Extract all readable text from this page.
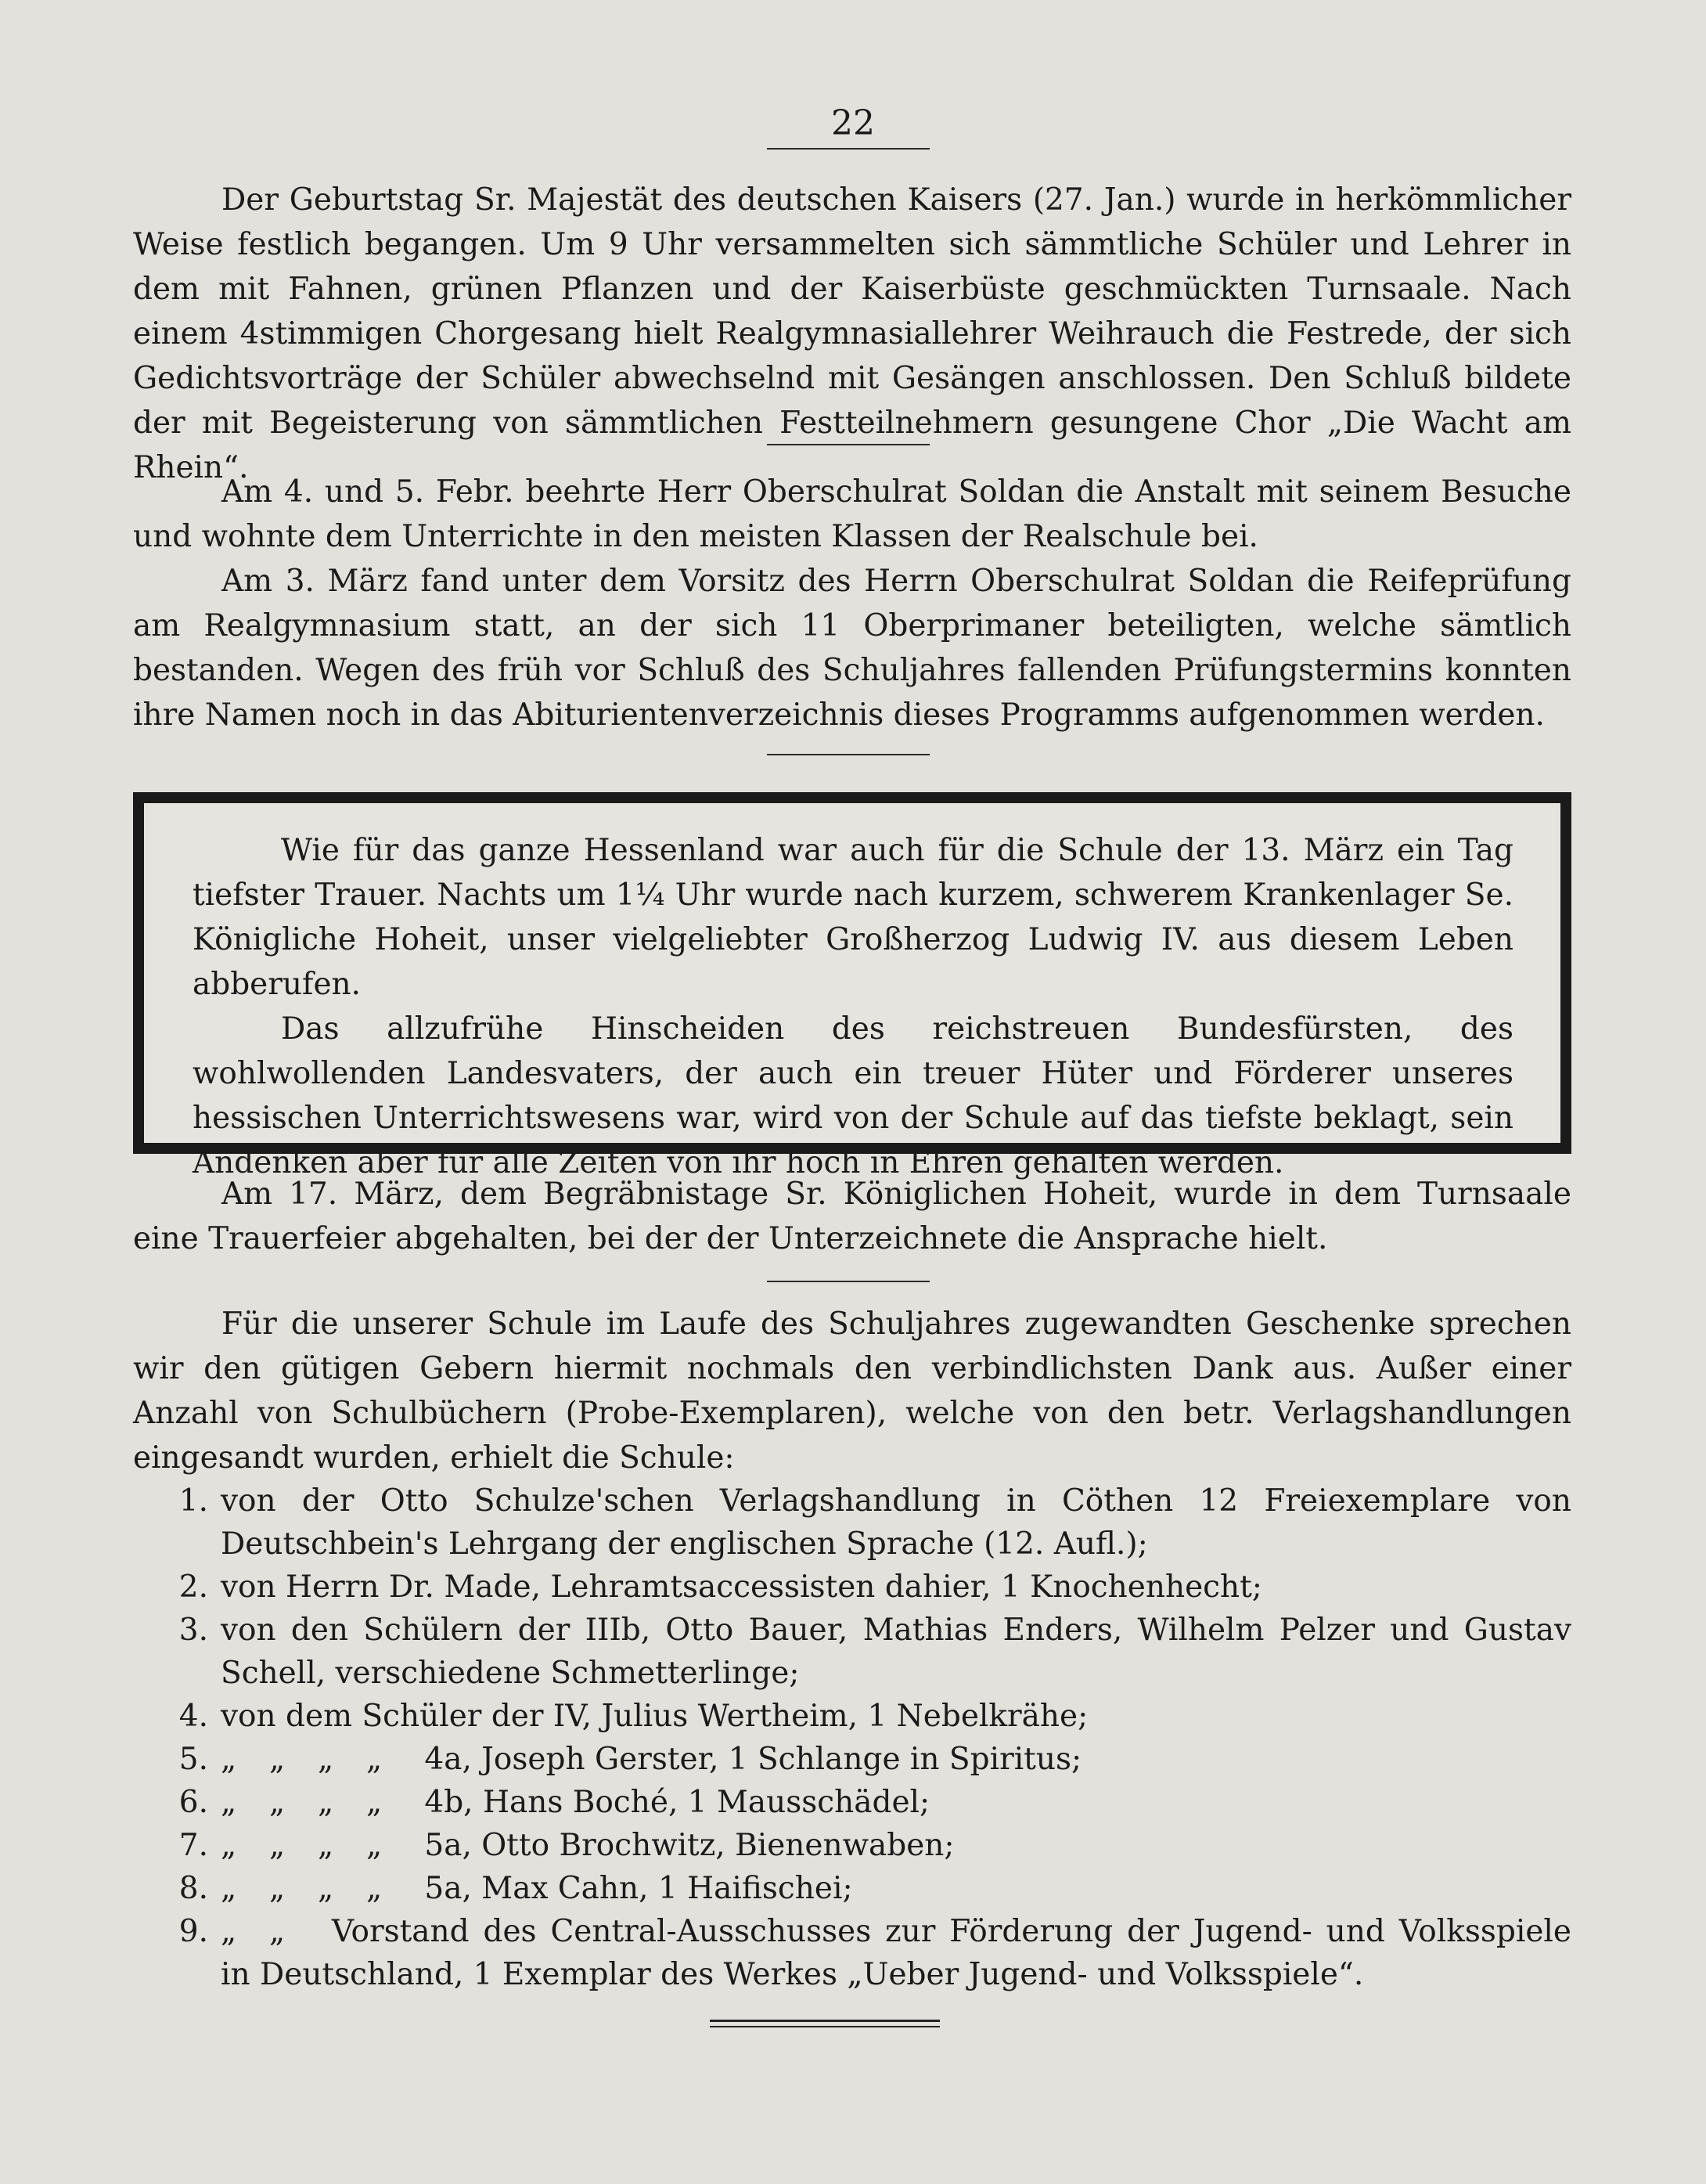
22

Der Geburtstag Sr. Majestät des deutschen Kaisers (27. Jan.) wurde in herkömmlicher Weise festlich begangen. Um 9 Uhr versammelten sich sämmtliche Schüler und Lehrer in dem mit Fahnen, grünen Pflanzen und der Kaiserbüste geschmückten Turnsaale. Nach einem 4stimmigen Chorgesang hielt Realgymnasiallehrer Weihrauch die Festrede, der sich Gedichtsvorträge der Schüler abwechselnd mit Gesängen anschlossen. Den Schluß bildete der mit Begeisterung von sämmtlichen Festteilnehmern gesungene Chor „Die Wacht am Rhein“.

Am 4. und 5. Febr. beehrte Herr Oberschulrat Soldan die Anstalt mit seinem Besuche und wohnte dem Unterrichte in den meisten Klassen der Realschule bei.

Am 3. März fand unter dem Vorsitz des Herrn Oberschulrat Soldan die Reifeprüfung am Realgymnasium statt, an der sich 11 Oberprimaner beteiligten, welche sämtlich bestanden. Wegen des früh vor Schluß des Schuljahres fallenden Prüfungstermins konnten ihre Namen noch in das Abiturientenverzeichnis dieses Programms aufgenommen werden.

Wie für das ganze Hessenland war auch für die Schule der 13. März ein Tag tiefster Trauer. Nachts um 1¼ Uhr wurde nach kurzem, schwerem Krankenlager Se. Königliche Hoheit, unser vielgeliebter Großherzog Ludwig IV. aus diesem Leben abberufen.

Das allzufrühe Hinscheiden des reichstreuen Bundesfürsten, des wohlwollenden Landesvaters, der auch ein treuer Hüter und Förderer unseres hessischen Unterrichtswesens war, wird von der Schule auf das tiefste beklagt, sein Andenken aber für alle Zeiten von ihr hoch in Ehren gehalten werden.

Am 17. März, dem Begräbnistage Sr. Königlichen Hoheit, wurde in dem Turnsaale eine Trauerfeier abgehalten, bei der der Unterzeichnete die Ansprache hielt.

Für die unserer Schule im Laufe des Schuljahres zugewandten Geschenke sprechen wir den gütigen Gebern hiermit nochmals den verbindlichsten Dank aus. Außer einer Anzahl von Schulbüchern (Probe-Exemplaren), welche von den betr. Verlagshandlungen eingesandt wurden, erhielt die Schule:

1. von der Otto Schulze'schen Verlagshandlung in Cöthen 12 Freiexemplare von Deutschbein's Lehrgang der englischen Sprache (12. Aufl.);
2. von Herrn Dr. Made, Lehramtsaccessisten dahier, 1 Knochenhecht;
3. von den Schülern der IIIb, Otto Bauer, Mathias Enders, Wilhelm Pelzer und Gustav Schell, verschiedene Schmetterlinge;
4. von dem Schüler der IV, Julius Wertheim, 1 Nebelkrähe;
5. „ „ „ „ 4a, Joseph Gerster, 1 Schlange in Spiritus;
6. „ „ „ „ 4b, Hans Boché, 1 Mausschädel;
7. „ „ „ „ 5a, Otto Brochwitz, Bienenwaben;
8. „ „ „ „ 5a, Max Cahn, 1 Haifischei;
9. „ „ Vorstand des Central-Ausschusses zur Förderung der Jugend- und Volksspiele in Deutschland, 1 Exemplar des Werkes „Ueber Jugend- und Volksspiele“.
